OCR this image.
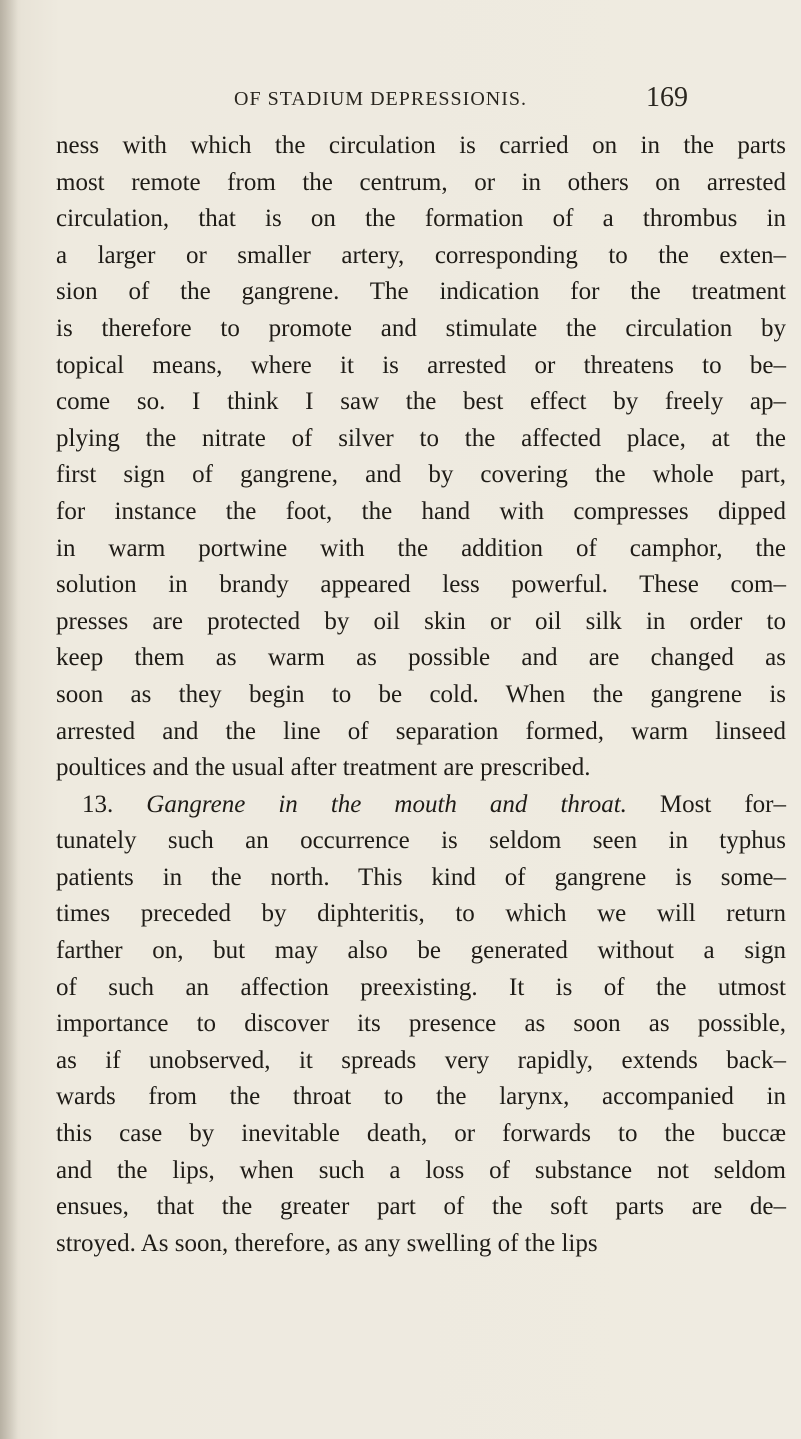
OF STADIUM DEPRESSIONIS.	169
ness with which the circulation is carried on in the parts
most remote from the centrum, or in others on arrested
circulation, that is on the formation of a thrombus in
a larger or smaller artery, corresponding to the exten–
sion of the gangrene. The indication for the treatment
is therefore to promote and stimulate the circulation by
topical means, where it is arrested or threatens to be–
come so. I think I saw the best effect by freely ap–
plying the nitrate of silver to the affected place, at the
first sign of gangrene, and by covering the whole part,
for instance the foot, the hand with compresses dipped
in warm portwine with the addition of camphor, the
solution in brandy appeared less powerful. These com–
presses are protected by oil skin or oil silk in order to
keep them as warm as possible and are changed as
soon as they begin to be cold. When the gangrene is
arrested and the line of separation formed, warm linseed
poultices and the usual after treatment are prescribed.
13. Gangrene in the mouth and throat. Most for–
tunately such an occurrence is seldom seen in typhus
patients in the north. This kind of gangrene is some–
times preceded by diphteritis, to which we will return
farther on, but may also be generated without a sign
of such an affection preexisting. It is of the utmost
importance to discover its presence as soon as possible,
as if unobserved, it spreads very rapidly, extends back–
wards from the throat to the larynx, accompanied in
this case by inevitable death, or forwards to the buccæ
and the lips, when such a loss of substance not seldom
ensues, that the greater part of the soft parts are de–
stroyed. As soon, therefore, as any swelling of the lips
